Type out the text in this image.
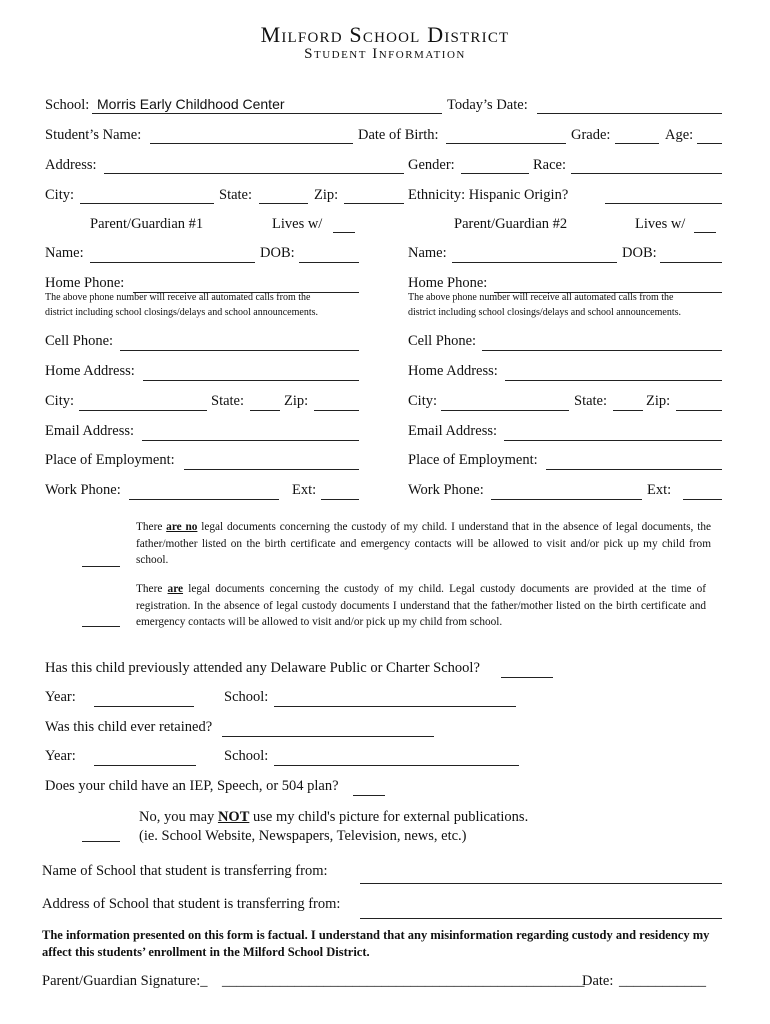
Milford School District
Student Information
School: Morris Early Childhood Center	Today’s Date:
Student’s Name:	Date of Birth:	Grade:	Age:
Address:	Gender:	Race:
City:	State:	Zip:	Ethnicity: Hispanic Origin?
Parent/Guardian #1	Lives w/	Parent/Guardian #2	Lives w/
Name:	DOB:
Home Phone:
The above phone number will receive all automated calls from the
district including school closings/delays and school announcements.
Cell Phone:
Home Address:
City:	State:	Zip:
Email Address:
Place of Employment:
Work Phone:	Ext:
Name:	DOB:
Home Phone:
The above phone number will receive all automated calls from the
district including school closings/delays and school announcements.
Cell Phone:
Home Address:
City:	State:	Zip:
Email Address:
Place of Employment:
Work Phone:	Ext:
There are no legal documents concerning the custody of my child. I understand that in the absence of legal documents, the father/mother listed on the birth certificate and emergency contacts will be allowed to visit and/or pick up my child from school.
There are legal documents concerning the custody of my child. Legal custody documents are provided at the time of registration. In the absence of legal custody documents I understand that the father/mother listed on the birth certificate and emergency contacts will be allowed to visit and/or pick up my child from school.
Has this child previously attended any Delaware Public or Charter School?
Year:	School:
Was this child ever retained?
Year:	School:
Does your child have an IEP, Speech, or 504 plan?
No, you may NOT use my child's picture for external publications.
(ie. School Website, Newspapers, Television, news, etc.)
Name of School that student is transferring from:
Address of School that student is transferring from:
The information presented on this form is factual. I understand that any misinformation regarding custody and residency my affect this students’ enrollment in the Milford School District.
Parent/Guardian Signature:_ __________________________________________________
Date: ____________
